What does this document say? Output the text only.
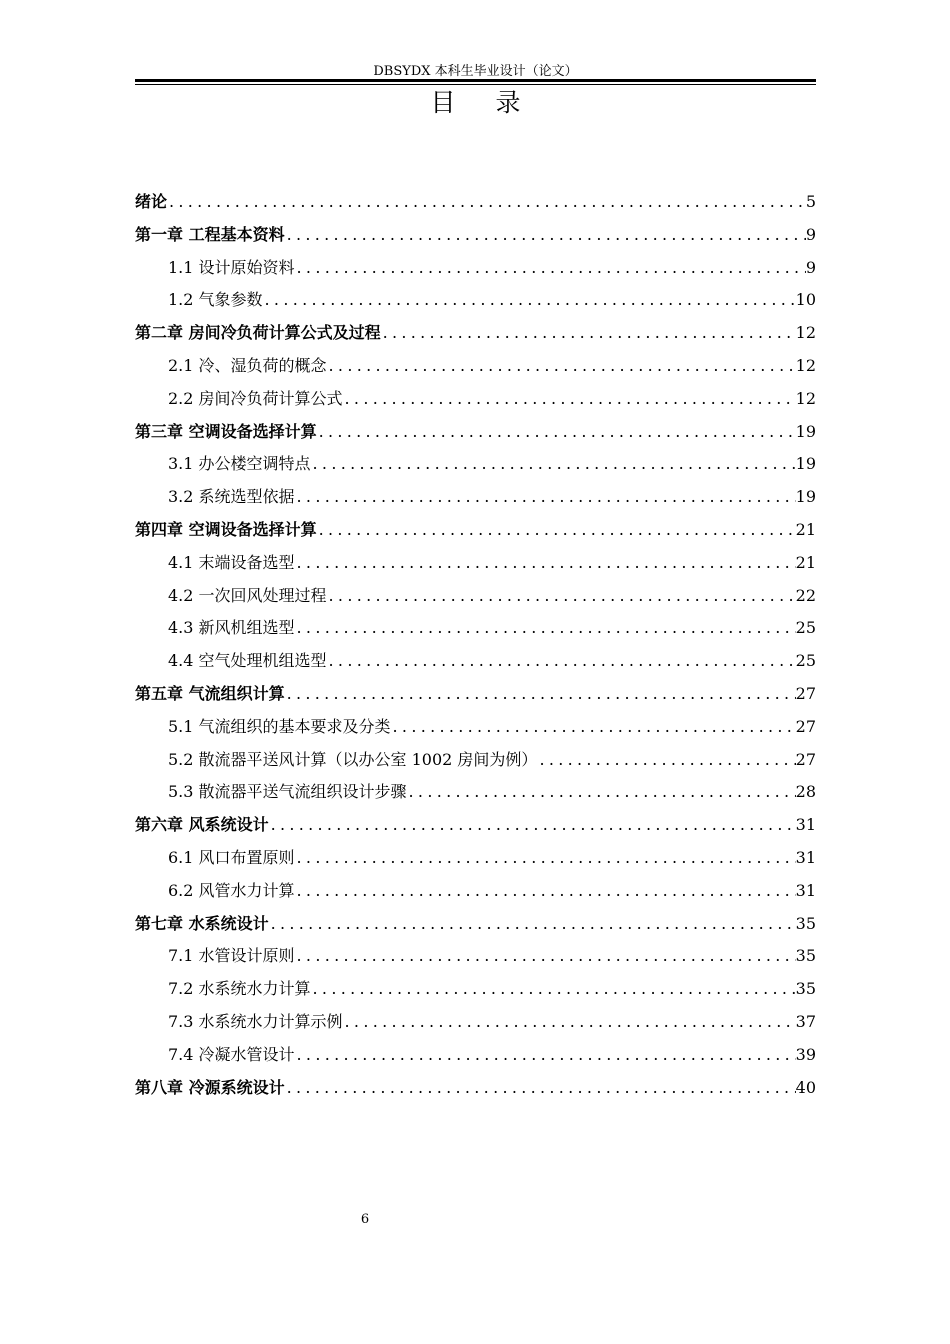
DBSYDX 本科生毕业设计（论文）
目 录
绪论 .....	5
第一章 工程基本资料 .....	9
1.1 设计原始资料 .....	9
1.2 气象参数 .....	10
第二章 房间冷负荷计算公式及过程 .....	12
2.1 冷、湿负荷的概念 .....	12
2.2 房间冷负荷计算公式 .....	12
第三章 空调设备选择计算 .....	19
3.1 办公楼空调特点 .....	19
3.2 系统选型依据 .....	19
第四章 空调设备选择计算 .....	21
4.1 末端设备选型 .....	21
4.2 一次回风处理过程 .....	22
4.3 新风机组选型 .....	25
4.4 空气处理机组选型 .....	25
第五章 气流组织计算 .....	27
5.1 气流组织的基本要求及分类 .....	27
5.2 散流器平送风计算（以办公室 1002 房间为例） .....	27
5.3 散流器平送气流组织设计步骤 .....	28
第六章 风系统设计 .....	31
6.1 风口布置原则 .....	31
6.2 风管水力计算 .....	31
第七章 水系统设计 .....	35
7.1 水管设计原则 .....	35
7.2 水系统水力计算 .....	35
7.3 水系统水力计算示例 .....	37
7.4 冷凝水管设计 .....	39
第八章 冷源系统设计 .....	40
6
